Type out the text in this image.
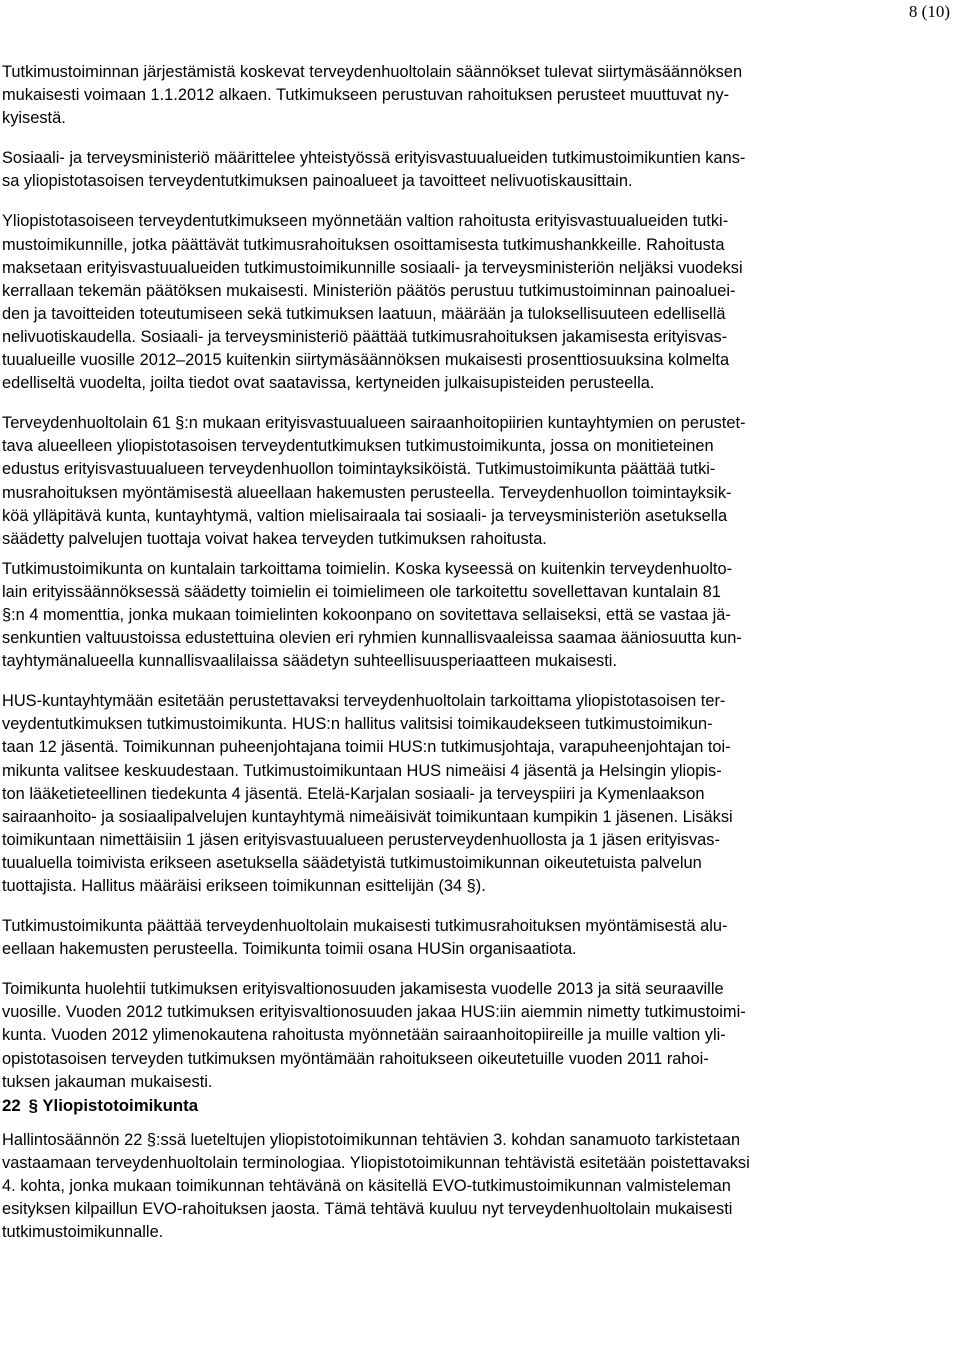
8 (10)

Tutkimustoiminnan järjestämistä koskevat terveydenhuoltolain säännökset tulevat siirtymäsäännöksen
mukaisesti voimaan 1.1.2012 alkaen. Tutkimukseen perustuvan rahoituksen perusteet muuttuvat ny-
kyisestä.

Sosiaali- ja terveysministeriö määrittelee yhteistyössä erityisvastuualueiden tutkimustoimikuntien kans-
sa yliopistotasoisen terveydentutkimuksen painoalueet ja tavoitteet nelivuotiskausittain.

Yliopistotasoiseen terveydentutkimukseen myönnetään valtion rahoitusta erityisvastuualueiden tutki-
mustoimikunnille, jotka päättävät tutkimusrahoituksen osoittamisesta tutkimushankkeille. Rahoitusta
maksetaan erityisvastuualueiden tutkimustoimikunnille sosiaali- ja terveysministeriön neljäksi vuodeksi
kerrallaan tekemän päätöksen mukaisesti. Ministeriön päätös perustuu tutkimustoiminnan painoaluei-
den ja tavoitteiden toteutumiseen sekä tutkimuksen laatuun, määrään ja tuloksellisuuteen edellisellä
nelivuotiskaudella. Sosiaali- ja terveysministeriö päättää tutkimusrahoituksen jakamisesta erityisvas-
tuualueille vuosille 2012–2015 kuitenkin siirtymäsäännöksen mukaisesti prosenttiosuuksina kolmelta
edelliseltä vuodelta, joilta tiedot ovat saatavissa, kertyneiden julkaisupisteiden perusteella.

Terveydenhuoltolain 61 §:n mukaan erityisvastuualueen sairaanhoitopiirien kuntayhtymien on perustet-
tava alueelleen yliopistotasoisen terveydentutkimuksen tutkimustoimikunta, jossa on monitieteinen
edustus erityisvastuualueen terveydenhuollon toimintayksiköistä. Tutkimustoimikunta päättää tutki-
musrahoituksen myöntämisestä alueellaan hakemusten perusteella. Terveydenhuollon toimintayksik-
köä ylläpitävä kunta, kuntayhtymä, valtion mielisairaala tai sosiaali- ja terveysministeriön asetuksella
säädetty palvelujen tuottaja voivat hakea terveyden tutkimuksen rahoitusta.

Tutkimustoimikunta on kuntalain tarkoittama toimielin. Koska kyseessä on kuitenkin terveydenhuolto-
lain erityissäännöksessä säädetty toimielin ei toimielimeen ole tarkoitettu sovellettavan kuntalain 81
§:n 4 momenttia, jonka mukaan toimielinten kokoonpano on sovitettava sellaiseksi, että se vastaa jä-
senkuntien valtuustoissa edustettuina olevien eri ryhmien kunnallisvaaleissa saamaa ääniosuutta kun-
tayhtymänalueella kunnallisvaalilaissa säädetyn suhteellisuusperiaatteen mukaisesti.

HUS-kuntayhtymään esitetään perustettavaksi terveydenhuoltolain tarkoittama yliopistotasoisen ter-
veydentutkimuksen tutkimustoimikunta. HUS:n hallitus valitsisi toimikaudekseen tutkimustoimikun-
taan 12 jäsentä. Toimikunnan puheenjohtajana toimii HUS:n tutkimusjohtaja, varapuheenjohtajan toi-
mikunta valitsee keskuudestaan. Tutkimustoimikuntaan HUS nimeäisi 4 jäsentä ja Helsingin yliopis-
ton lääketieteellinen tiedekunta 4 jäsentä. Etelä-Karjalan sosiaali- ja terveyspiiri ja Kymenlaakson
sairaanhoito- ja sosiaalipalvelujen kuntayhtymä nimeäisivät toimikuntaan kumpikin 1 jäsenen. Lisäksi
toimikuntaan nimettäisiin 1 jäsen erityisvastuualueen perusterveydenhuollosta ja 1 jäsen erityisvas-
tuualuella toimivista erikseen asetuksella säädetyistä tutkimustoimikunnan oikeutetuista palvelun
tuottajista. Hallitus määräisi erikseen toimikunnan esittelijän (34 §).

Tutkimustoimikunta päättää terveydenhuoltolain mukaisesti tutkimusrahoituksen myöntämisestä alu-
eellaan hakemusten perusteella. Toimikunta toimii osana HUSin organisaatiota.

Toimikunta huolehtii tutkimuksen erityisvaltionosuuden jakamisesta vuodelle 2013 ja sitä seuraaville
vuosille. Vuoden 2012 tutkimuksen erityisvaltionosuuden jakaa HUS:iin aiemmin nimetty tutkimustoimi-
kunta. Vuoden 2012 ylimenokautena rahoitusta myönnetään sairaanhoitopiireille ja muille valtion yli-
opistotasoisen terveyden tutkimuksen myöntämään rahoitukseen oikeutetuille vuoden 2011 rahoi-
tuksen jakauman mukaisesti.

22 § Yliopistotoimikunta

Hallintosäännön 22 §:ssä lueteltujen yliopistotoimikunnan tehtävien 3. kohdan sanamuoto tarkistetaan
vastaamaan terveydenhuoltolain terminologiaa. Yliopistotoimikunnan tehtävistä esitetään poistettavaksi
4. kohta, jonka mukaan toimikunnan tehtävänä on käsitellä EVO-tutkimustoimikunnan valmisteleman
esityksen kilpaillun EVO-rahoituksen jaosta. Tämä tehtävä kuuluu nyt terveydenhuoltolain mukaisesti
tutkimustoimikunnalle.
